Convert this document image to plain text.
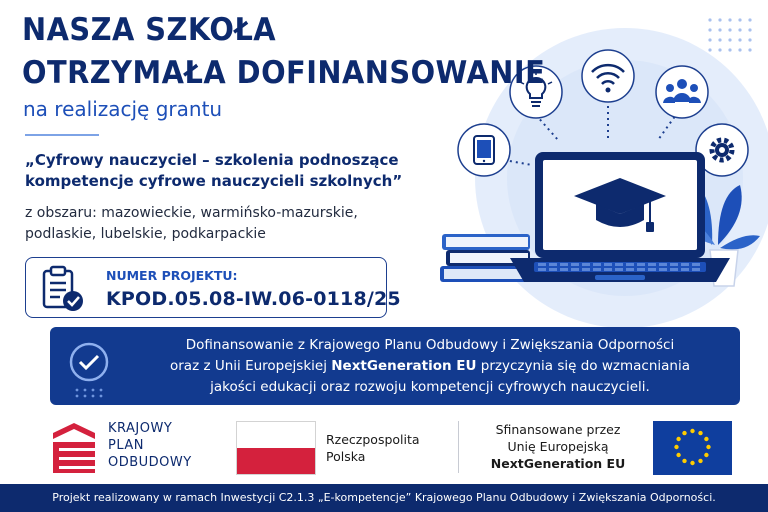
NASZA SZKOŁA
OTRZYMAŁA DOFINANSOWANIE
na realizację grantu
„Cyfrowy nauczyciel – szkolenia podnoszące
kompetencje cyfrowe nauczycieli szkolnych”
z obszaru: mazowieckie, warmińsko-mazurskie,
podlaskie, lubelskie, podkarpackie
NUMER PROJEKTU:
KPOD.05.08-IW.06-0118/25
Dofinansowanie z Krajowego Planu Odbudowy i Zwiększania Odporności
oraz z Unii Europejskiej NextGeneration EU przyczynia się do wzmacniania
jakości edukacji oraz rozwoju kompetencji cyfrowych nauczycieli.
KRAJOWY
PLAN
ODBUDOWY
Rzeczpospolita
Polska
Sfinansowane przez
Unię Europejską
NextGeneration EU
Projekt realizowany w ramach Inwestycji C2.1.3 „E-kompetencje” Krajowego Planu Odbudowy i Zwiększania Odporności.
